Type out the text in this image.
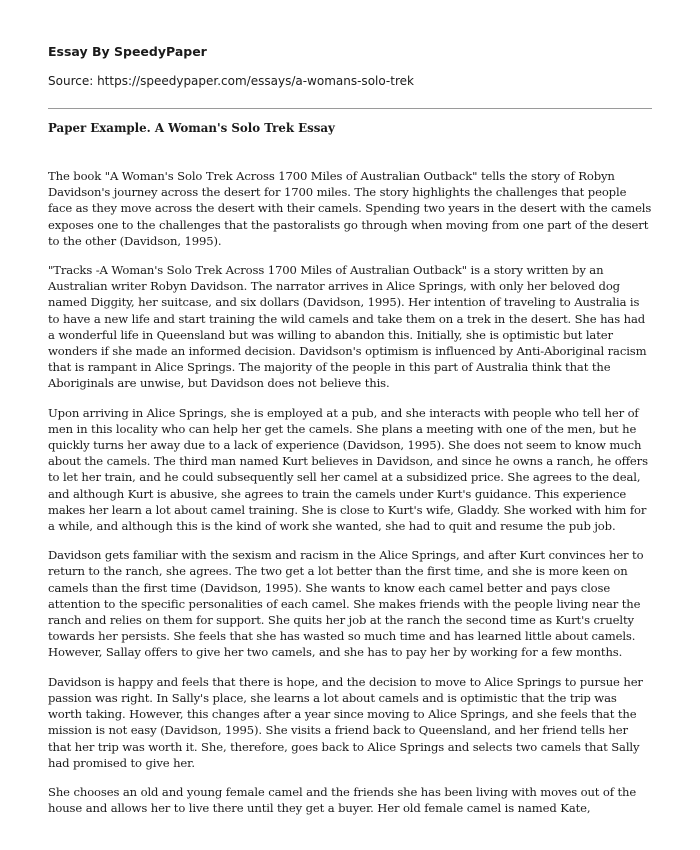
Essay By SpeedyPaper

Source: https://speedypaper.com/essays/a-womans-solo-trek

Paper Example. A Woman's Solo Trek Essay

The book "A Woman's Solo Trek Across 1700 Miles of Australian Outback" tells the story of Robyn Davidson's journey across the desert for 1700 miles. The story highlights the challenges that people face as they move across the desert with their camels. Spending two years in the desert with the camels exposes one to the challenges that the pastoralists go through when moving from one part of the desert to the other (Davidson, 1995).

"Tracks -A Woman's Solo Trek Across 1700 Miles of Australian Outback" is a story written by an Australian writer Robyn Davidson. The narrator arrives in Alice Springs, with only her beloved dog named Diggity, her suitcase, and six dollars (Davidson, 1995). Her intention of traveling to Australia is to have a new life and start training the wild camels and take them on a trek in the desert. She has had a wonderful life in Queensland but was willing to abandon this. Initially, she is optimistic but later wonders if she made an informed decision. Davidson's optimism is influenced by Anti-Aboriginal racism that is rampant in Alice Springs. The majority of the people in this part of Australia think that the Aboriginals are unwise, but Davidson does not believe this.

Upon arriving in Alice Springs, she is employed at a pub, and she interacts with people who tell her of men in this locality who can help her get the camels. She plans a meeting with one of the men, but he quickly turns her away due to a lack of experience (Davidson, 1995). She does not seem to know much about the camels. The third man named Kurt believes in Davidson, and since he owns a ranch, he offers to let her train, and he could subsequently sell her camel at a subsidized price. She agrees to the deal, and although Kurt is abusive, she agrees to train the camels under Kurt's guidance. This experience makes her learn a lot about camel training. She is close to Kurt's wife, Gladdy. She worked with him for a while, and although this is the kind of work she wanted, she had to quit and resume the pub job.

Davidson gets familiar with the sexism and racism in the Alice Springs, and after Kurt convinces her to return to the ranch, she agrees. The two get a lot better than the first time, and she is more keen on camels than the first time (Davidson, 1995). She wants to know each camel better and pays close attention to the specific personalities of each camel. She makes friends with the people living near the ranch and relies on them for support. She quits her job at the ranch the second time as Kurt's cruelty towards her persists. She feels that she has wasted so much time and has learned little about camels. However, Sallay offers to give her two camels, and she has to pay her by working for a few months.

Davidson is happy and feels that there is hope, and the decision to move to Alice Springs to pursue her passion was right. In Sally's place, she learns a lot about camels and is optimistic that the trip was worth taking. However, this changes after a year since moving to Alice Springs, and she feels that the mission is not easy (Davidson, 1995). She visits a friend back to Queensland, and her friend tells her that her trip was worth it. She, therefore, goes back to Alice Springs and selects two camels that Sally had promised to give her.

She chooses an old and young female camel and the friends she has been living with moves out of the house and allows her to live there until they get a buyer. Her old female camel is named Kate,
